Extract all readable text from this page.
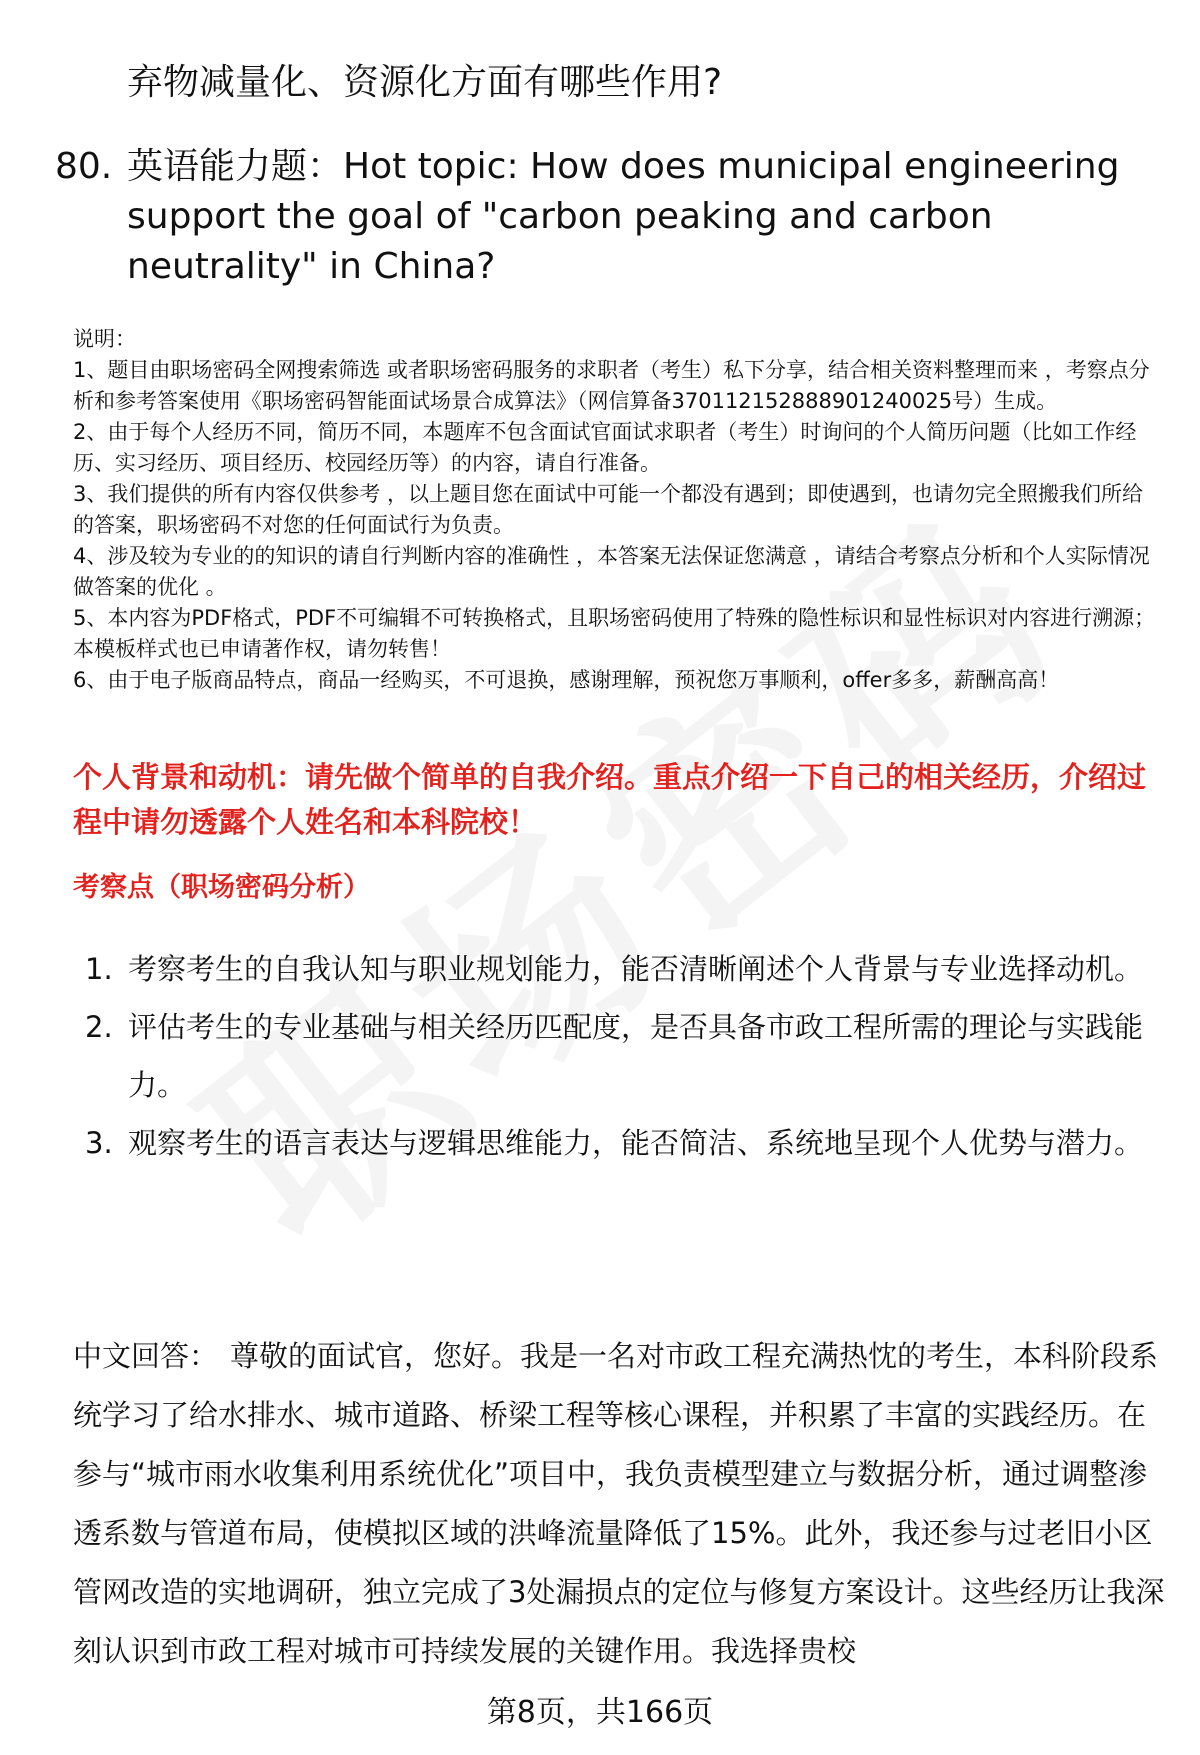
弃物减量化、资源化方面有哪些作用?
80. 英语能力题：Hot topic: How does municipal engineering support the goal of "carbon peaking and carbon neutrality" in China?
说明：
1、题目由职场密码全网搜索筛选 或者职场密码服务的求职者（考生）私下分享，结合相关资料整理而来 ，考察点分析和参考答案使用《职场密码智能面试场景合成算法》（网信算备370112152888901240025号）生成。
2、由于每个人经历不同，简历不同，本题库不包含面试官面试求职者（考生）时询问的个人简历问题（比如工作经历、实习经历、项目经历、校园经历等）的内容，请自行准备。
3、我们提供的所有内容仅供参考 ，以上题目您在面试中可能一个都没有遇到；即使遇到，也请勿完全照搬我们所给的答案，职场密码不对您的任何面试行为负责。
4、涉及较为专业的的知识的请自行判断内容的准确性 ，本答案无法保证您满意 ，请结合考察点分析和个人实际情况做答案的优化 。
5、本内容为PDF格式，PDF不可编辑不可转换格式，且职场密码使用了特殊的隐性标识和显性标识对内容进行溯源；本模板样式也已申请著作权，请勿转售！
6、由于电子版商品特点，商品一经购买，不可退换，感谢理解，预祝您万事顺利，offer多多，薪酬高高！
个人背景和动机：请先做个简单的自我介绍。重点介绍一下自己的相关经历，介绍过程中请勿透露个人姓名和本科院校！
考察点（职场密码分析）
1. 考察考生的自我认知与职业规划能力，能否清晰阐述个人背景与专业选择动机。
2. 评估考生的专业基础与相关经历匹配度，是否具备市政工程所需的理论与实践能力。
3. 观察考生的语言表达与逻辑思维能力，能否简洁、系统地呈现个人优势与潜力。
中文回答： 尊敬的面试官，您好。我是一名对市政工程充满热忱的考生，本科阶段系统学习了给水排水、城市道路、桥梁工程等核心课程，并积累了丰富的实践经历。在参与“城市雨水收集利用系统优化”项目中，我负责模型建立与数据分析，通过调整渗透系数与管道布局，使模拟区域的洪峰流量降低了15%。此外，我还参与过老旧小区管网改造的实地调研，独立完成了3处漏损点的定位与修复方案设计。这些经历让我深刻认识到市政工程对城市可持续发展的关键作用。我选择贵校
第8页，共166页
